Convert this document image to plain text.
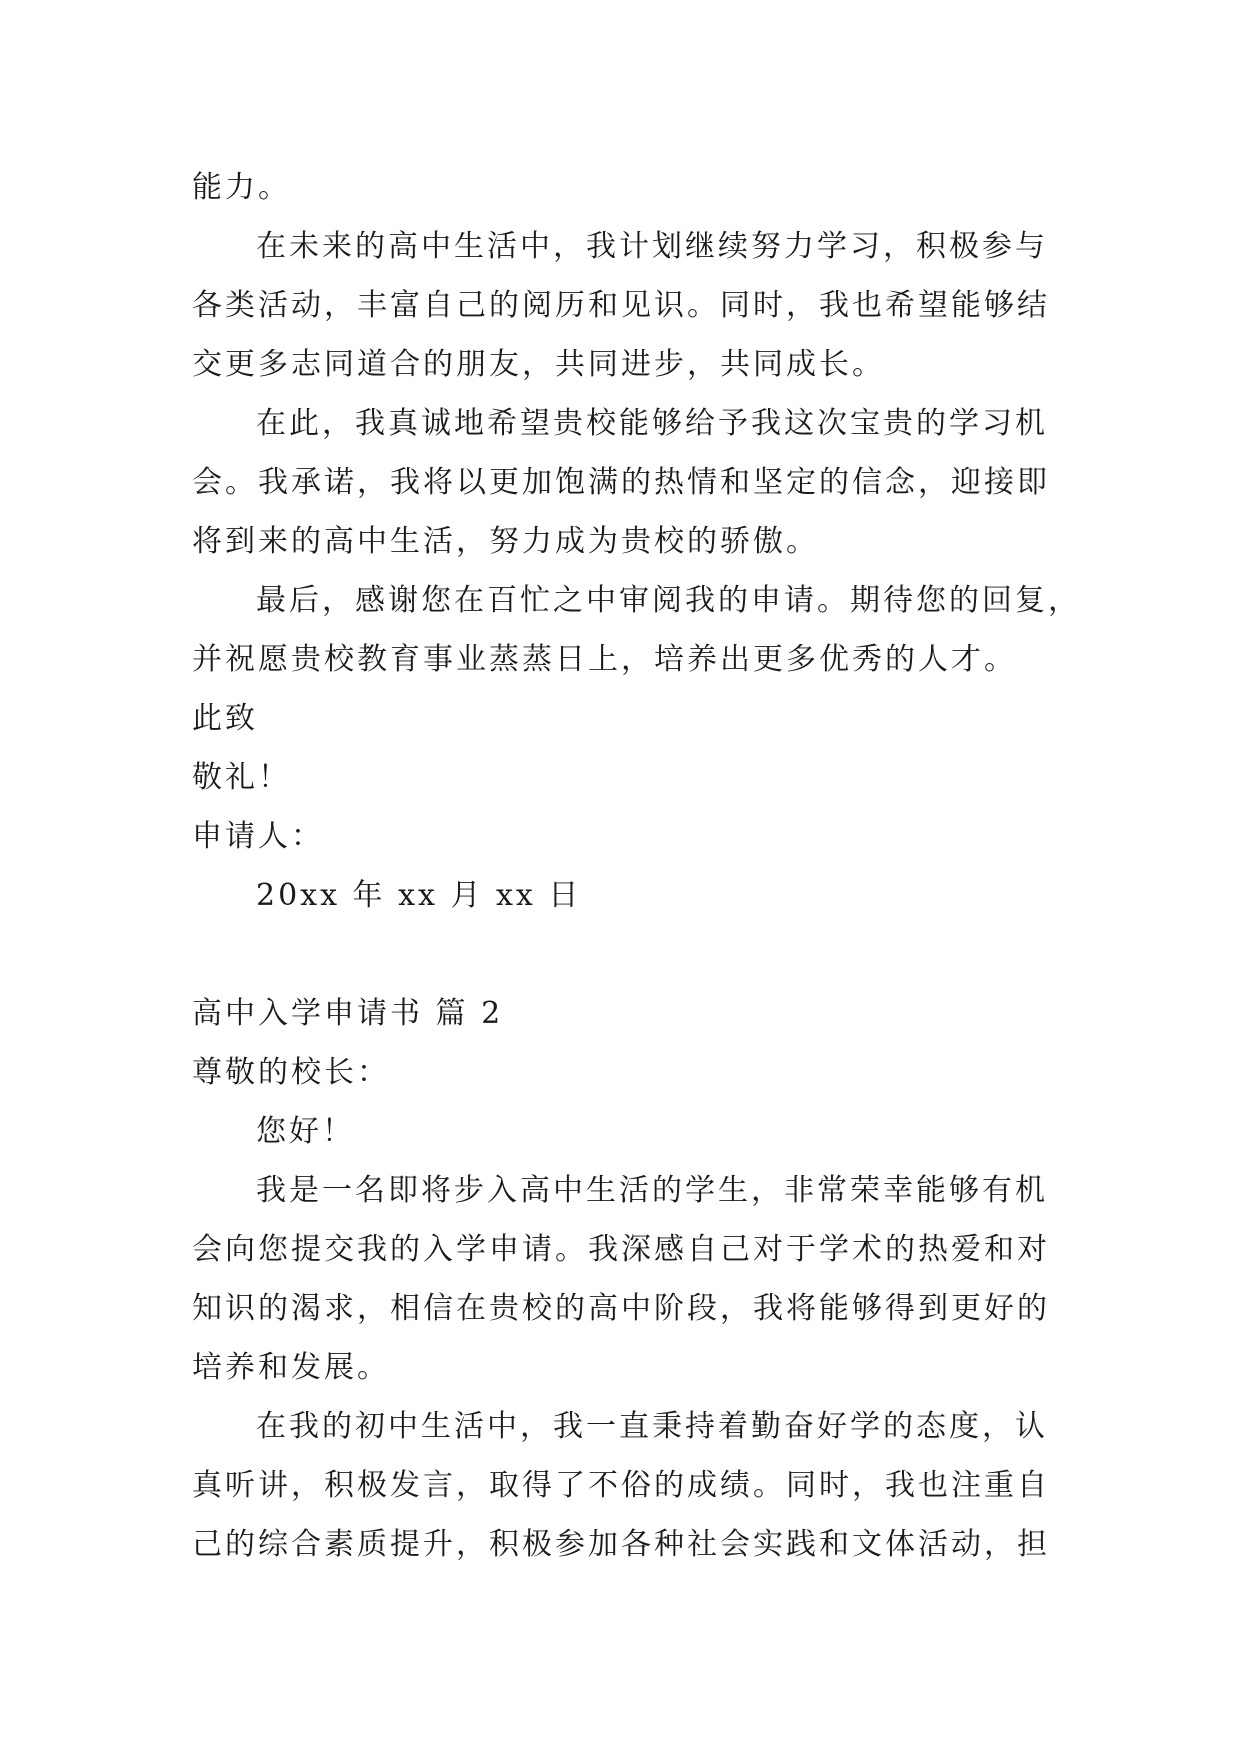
能力。
在未来的高中生活中，我计划继续努力学习，积极参与
各类活动，丰富自己的阅历和见识。同时，我也希望能够结
交更多志同道合的朋友，共同进步，共同成长。
在此，我真诚地希望贵校能够给予我这次宝贵的学习机
会。我承诺，我将以更加饱满的热情和坚定的信念，迎接即
将到来的高中生活，努力成为贵校的骄傲。
最后，感谢您在百忙之中审阅我的申请。期待您的回复，
并祝愿贵校教育事业蒸蒸日上，培养出更多优秀的人才。
此致
敬礼！
申请人：
20xx 年 xx 月 xx 日
高中入学申请书 篇 2
尊敬的校长：
您好！
我是一名即将步入高中生活的学生，非常荣幸能够有机
会向您提交我的入学申请。我深感自己对于学术的热爱和对
知识的渴求，相信在贵校的高中阶段，我将能够得到更好的
培养和发展。
在我的初中生活中，我一直秉持着勤奋好学的态度，认
真听讲，积极发言，取得了不俗的成绩。同时，我也注重自
己的综合素质提升，积极参加各种社会实践和文体活动，担
